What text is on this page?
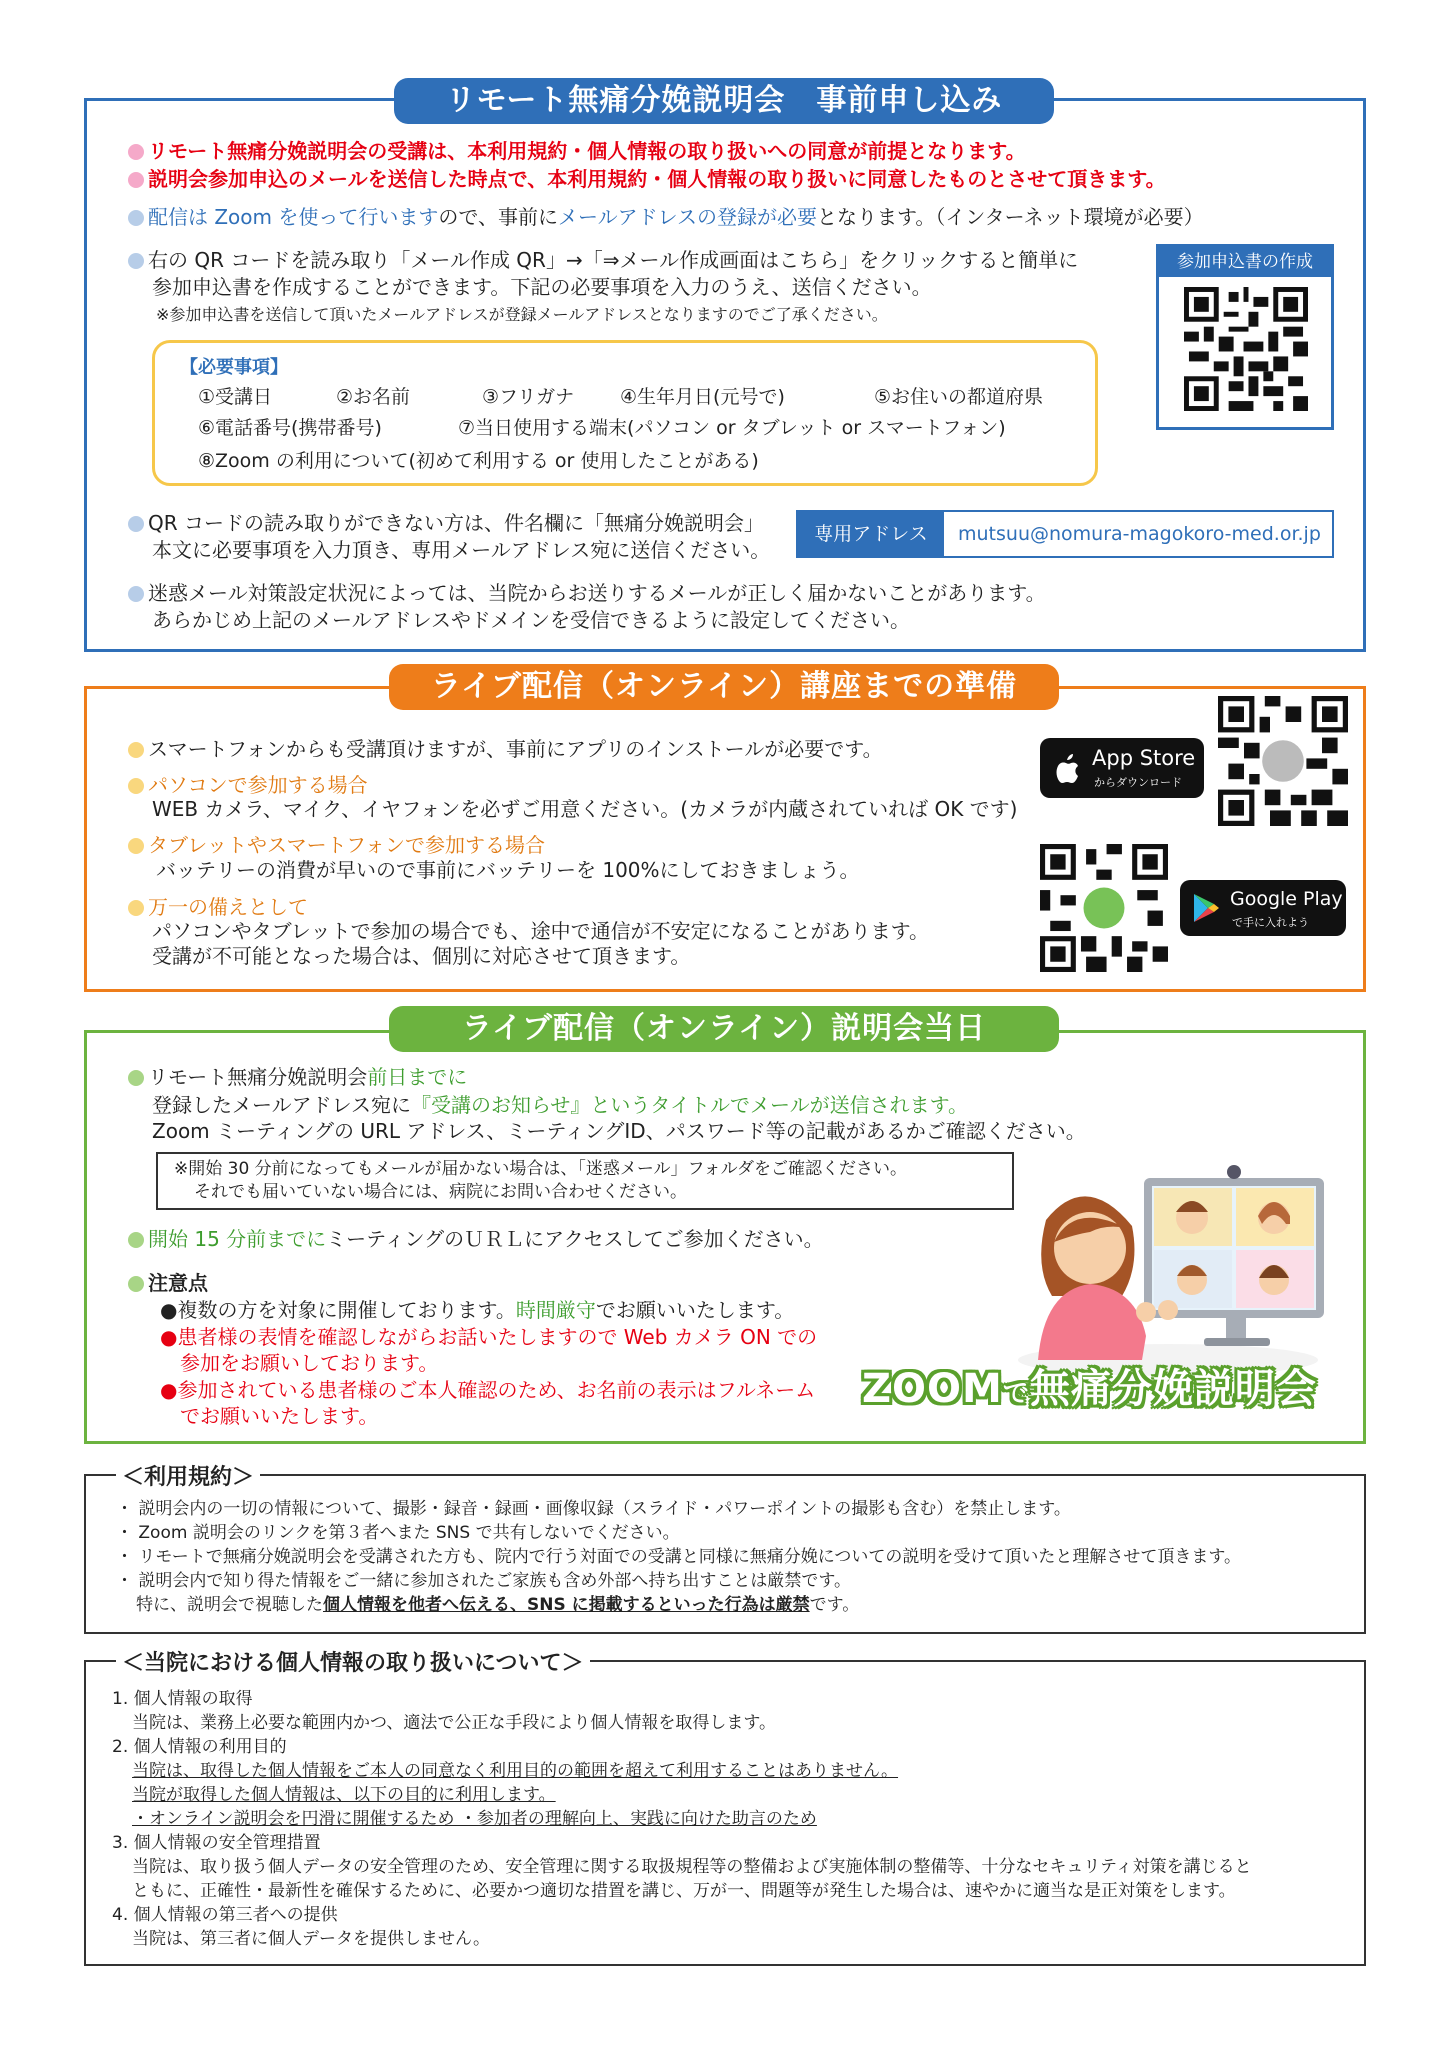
リモート無痛分娩説明会　事前申し込み
リモート無痛分娩説明会の受講は、本利用規約・個人情報の取り扱いへの同意が前提となります。
説明会参加申込のメールを送信した時点で、本利用規約・個人情報の取り扱いに同意したものとさせて頂きます。
配信は Zoom を使って行いますので、事前にメールアドレスの登録が必要となります。（インターネット環境が必要）
右の QR コードを読み取り「メール作成 QR」→「⇒メール作成画面はこちら」をクリックすると簡単に
参加申込書を作成することができます。下記の必要事項を入力のうえ、送信ください。
※参加申込書を送信して頂いたメールアドレスが登録メールアドレスとなりますのでご了承ください。
参加申込書の作成
【必要事項】
①受講日	②お名前	③フリガナ ④生年月日(元号で)	⑤お住いの都道府県
⑥電話番号(携帯番号)	⑦当日使用する端末(パソコン or タブレット or スマートフォン)
⑧Zoom の利用について(初めて利用する or 使用したことがある)
QR コードの読み取りができない方は、件名欄に「無痛分娩説明会」
本文に必要事項を入力頂き、専用メールアドレス宛に送信ください。
専用アドレス	mutsuu@nomura-magokoro-med.or.jp
迷惑メール対策設定状況によっては、当院からお送りするメールが正しく届かないことがあります。
あらかじめ上記のメールアドレスやドメインを受信できるように設定してください。
ライブ配信（オンライン）講座までの準備
スマートフォンからも受講頂けますが、事前にアプリのインストールが必要です。
パソコンで参加する場合
WEB カメラ、マイク、イヤフォンを必ずご用意ください。(カメラが内蔵されていれば OK です)
タブレットやスマートフォンで参加する場合
バッテリーの消費が早いので事前にバッテリーを 100%にしておきましょう。
万一の備えとして
パソコンやタブレットで参加の場合でも、途中で通信が不安定になることがあります。
受講が不可能となった場合は、個別に対応させて頂きます。
App Store
からダウンロード
Google Play
で手に入れよう
ライブ配信（オンライン）説明会当日
リモート無痛分娩説明会前日までに
登録したメールアドレス宛に『受講のお知らせ』というタイトルでメールが送信されます。
Zoom ミーティングの URL アドレス、ミーティングID、パスワード等の記載があるかご確認ください。
※開始 30 分前になってもメールが届かない場合は、「迷惑メール」フォルダをご確認ください。
それでも届いていない場合には、病院にお問い合わせください。
開始 15 分前までにミーティングのＵＲＬにアクセスしてご参加ください。
注意点
●複数の方を対象に開催しております。時間厳守でお願いいたします。
●患者様の表情を確認しながらお話いたしますので Web カメラ ON での
参加をお願いしております。
●参加されている患者様のご本人確認のため、お名前の表示はフルネーム
でお願いいたします。
ZOOMで無痛分娩説明会
＜利用規約＞
・ 説明会内の一切の情報について、撮影・録音・録画・画像収録（スライド・パワーポイントの撮影も含む）を禁止します。
・ Zoom 説明会のリンクを第３者へまた SNS で共有しないでください。
・ リモートで無痛分娩説明会を受講された方も、院内で行う対面での受講と同様に無痛分娩についての説明を受けて頂いたと理解させて頂きます。
・ 説明会内で知り得た情報をご一緒に参加されたご家族も含め外部へ持ち出すことは厳禁です。
特に、説明会で視聴した個人情報を他者へ伝える、SNS に掲載するといった行為は厳禁です。
＜当院における個人情報の取り扱いについて＞
1. 個人情報の取得
当院は、業務上必要な範囲内かつ、適法で公正な手段により個人情報を取得します。
2. 個人情報の利用目的
当院は、取得した個人情報をご本人の同意なく利用目的の範囲を超えて利用することはありません。
当院が取得した個人情報は、以下の目的に利用します。
・オンライン説明会を円滑に開催するため ・参加者の理解向上、実践に向けた助言のため
3. 個人情報の安全管理措置
当院は、取り扱う個人データの安全管理のため、安全管理に関する取扱規程等の整備および実施体制の整備等、十分なセキュリティ対策を講じると
ともに、正確性・最新性を確保するために、必要かつ適切な措置を講じ、万が一、問題等が発生した場合は、速やかに適当な是正対策をします。
4. 個人情報の第三者への提供
当院は、第三者に個人データを提供しません。
